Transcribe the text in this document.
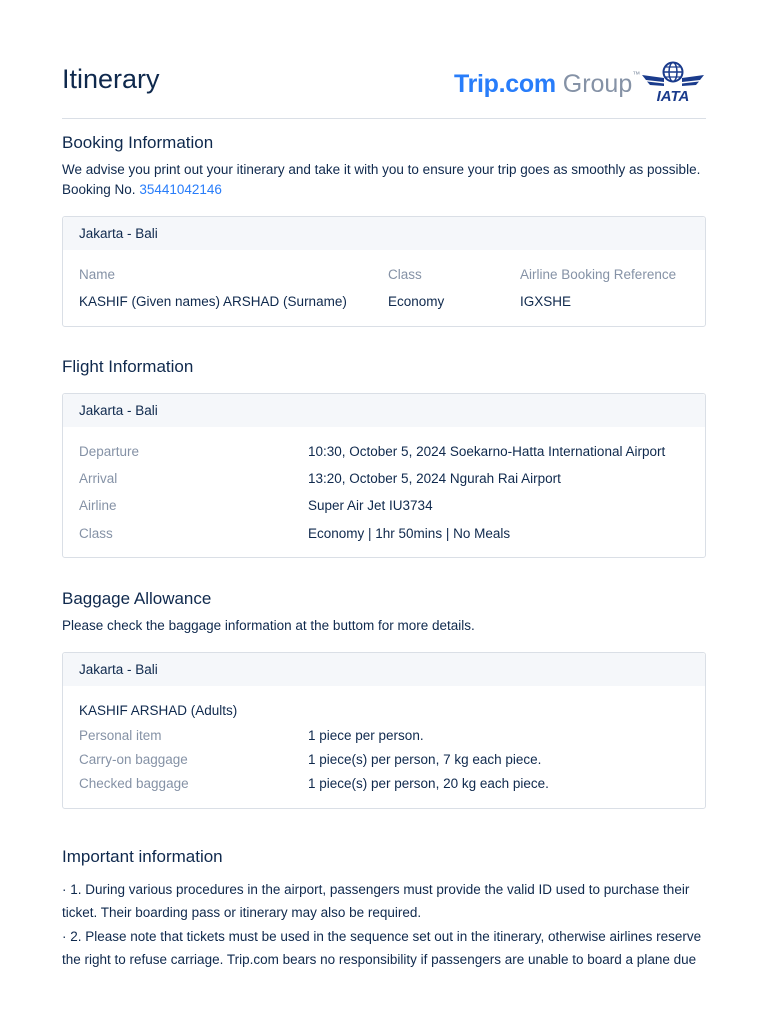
Itinerary	Trip.com Group™
IATA
Booking Information
We advise you print out your itinerary and take it with you to ensure your trip goes as smoothly as possible.
Booking No. 35441042146
Jakarta - Bali
Name	Class	Airline Booking Reference
KASHIF (Given names) ARSHAD (Surname)	Economy	IGXSHE
Flight Information
Jakarta - Bali
Departure	10:30, October 5, 2024 Soekarno-Hatta International Airport
Arrival	13:20, October 5, 2024 Ngurah Rai Airport
Airline	Super Air Jet IU3734
Class	Economy | 1hr 50mins | No Meals
Baggage Allowance
Please check the baggage information at the buttom for more details.
Jakarta - Bali
KASHIF ARSHAD (Adults)
Personal item	1 piece per person.
Carry-on baggage	1 piece(s) per person, 7 kg each piece.
Checked baggage	1 piece(s) per person, 20 kg each piece.
Important information
· 1. During various procedures in the airport, passengers must provide the valid ID used to purchase their ticket. Their boarding pass or itinerary may also be required.
· 2. Please note that tickets must be used in the sequence set out in the itinerary, otherwise airlines reserve the right to refuse carriage. Trip.com bears no responsibility if passengers are unable to board a plane due
